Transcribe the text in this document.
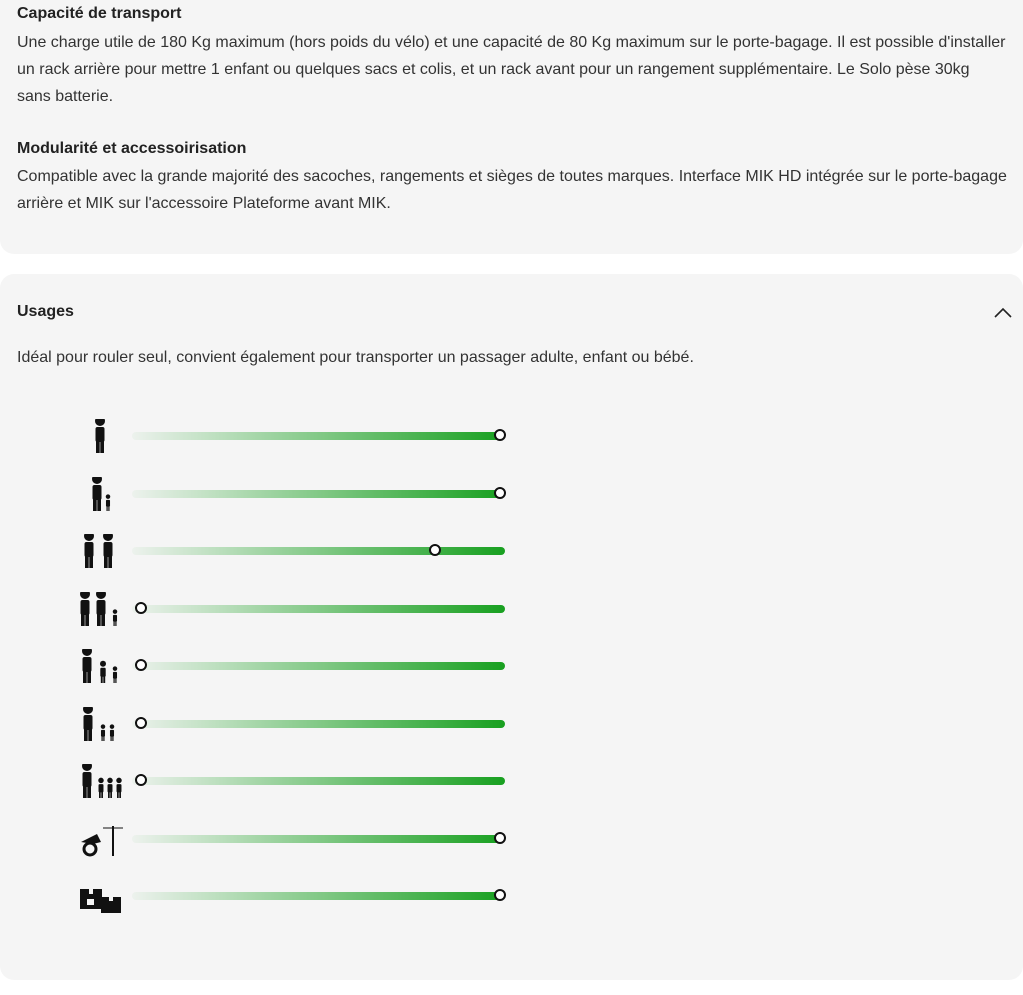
Capacité de transport
Une charge utile de 180 Kg maximum (hors poids du vélo) et une capacité de 80 Kg maximum sur le porte-bagage. Il est possible d'installer un rack arrière pour mettre 1 enfant ou quelques sacs et colis, et un rack avant pour un rangement supplémentaire. Le Solo pèse 30kg sans batterie.
Modularité et accessoirisation
Compatible avec la grande majorité des sacoches, rangements et sièges de toutes marques. Interface MIK HD intégrée sur le porte-bagage arrière et MIK sur l'accessoire Plateforme avant MIK.
Usages
Idéal pour rouler seul, convient également pour transporter un passager adulte, enfant ou bébé.
